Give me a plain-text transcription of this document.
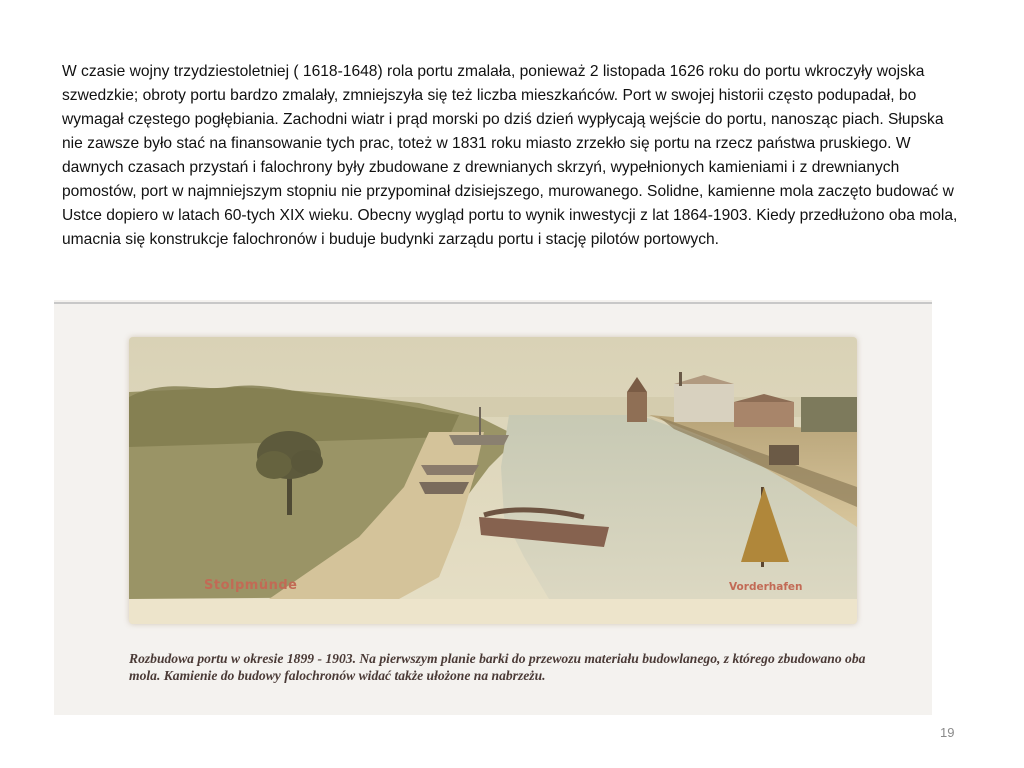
W czasie wojny trzydziestoletniej ( 1618-1648) rola portu zmalała, ponieważ 2 listopada 1626 roku do portu wkroczyły wojska szwedzkie; obroty portu bardzo zmalały, zmniejszyła się też liczba mieszkańców. Port w swojej historii często podupadał, bo wymagał częstego pogłębiania. Zachodni wiatr i prąd morski po dziś dzień wypłycają wejście do portu, nanosząc piach. Słupska nie zawsze było stać na finansowanie tych prac, toteż w 1831 roku miasto zrzekło się portu na rzecz państwa pruskiego. W dawnych czasach przystań i falochrony były zbudowane z drewnianych skrzyń, wypełnionych kamieniami i z drewnianych pomostów, port w najmniejszym stopniu nie przypominał dzisiejszego, murowanego. Solidne, kamienne mola zaczęto budować w Ustce dopiero w latach 60-tych XIX wieku. Obecny wygląd portu to wynik inwestycji z lat 1864-1903. Kiedy przedłużono oba mola, umacnia się konstrukcje falochronów i buduje budynki zarządu portu i stację pilotów portowych.

Stolpmünde	Vorderhafen

Rozbudowa portu w okresie 1899 - 1903. Na pierwszym planie barki do przewozu materiału budowlanego, z którego zbudowano oba mola. Kamienie do budowy falochronów widać także ułożone na nabrzeżu.

19
